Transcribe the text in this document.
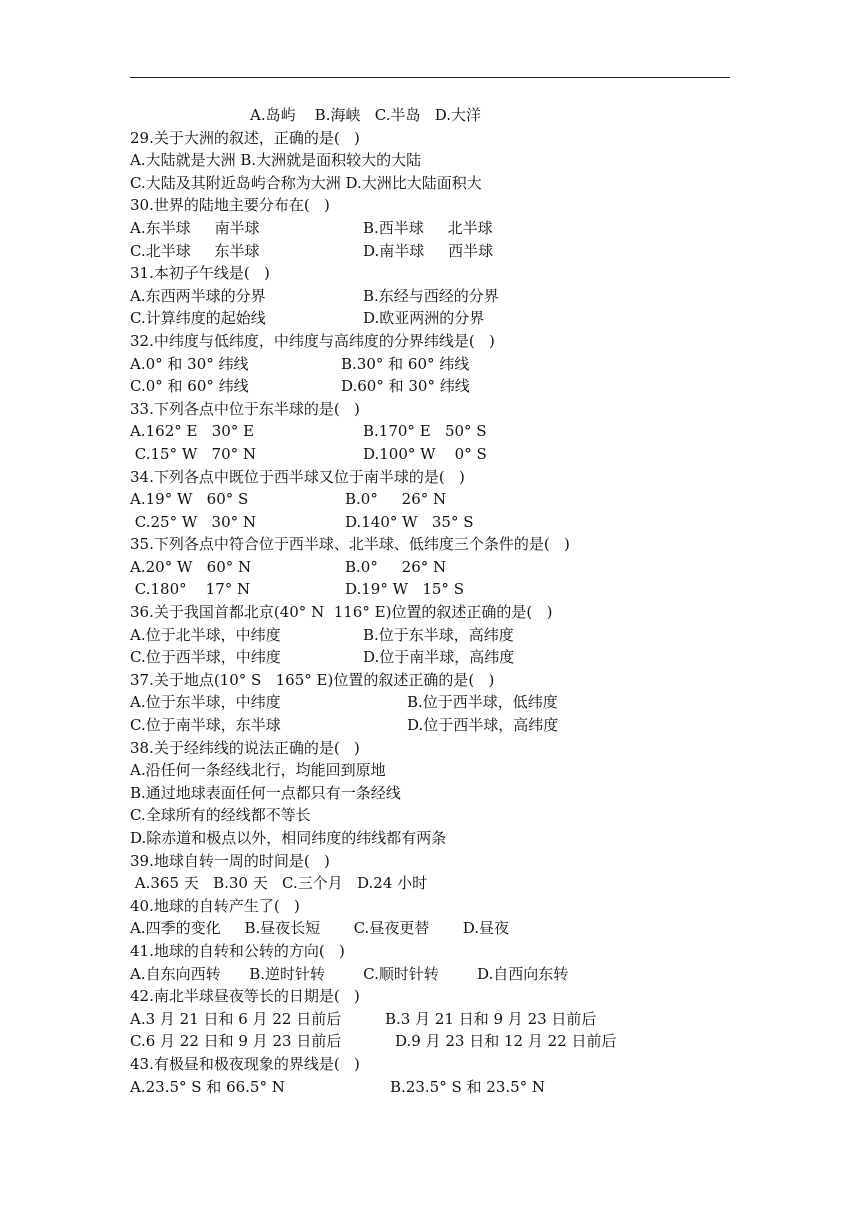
A.岛屿    B.海峡   C.半岛   D.大洋
29.关于大洲的叙述，正确的是(   )
A.大陆就是大洲 B.大洲就是面积较大的大陆
C.大陆及其附近岛屿合称为大洲 D.大洲比大陆面积大
30.世界的陆地主要分布在(   )
A.东半球     南半球	B.西半球     北半球
C.北半球     东半球	D.南半球     西半球
31.本初子午线是(   )
A.东西两半球的分界	B.东经与西经的分界
C.计算纬度的起始线	D.欧亚两洲的分界
32.中纬度与低纬度，中纬度与高纬度的分界纬线是(   )
A.0° 和 30° 纬线	B.30° 和 60° 纬线
C.0° 和 60° 纬线	D.60° 和 30° 纬线
33.下列各点中位于东半球的是(   )
A.162° E   30° E	B.170° E   50° S
C.15° W   70° N	D.100° W    0° S
34.下列各点中既位于西半球又位于南半球的是(   )
A.19° W   60° S	B.0°     26° N
C.25° W   30° N	D.140° W   35° S
35.下列各点中符合位于西半球、北半球、低纬度三个条件的是(   )
A.20° W   60° N	B.0°     26° N
C.180°    17° N	D.19° W   15° S
36.关于我国首都北京(40° N  116° E)位置的叙述正确的是(   )
A.位于北半球，中纬度	B.位于东半球，高纬度
C.位于西半球，中纬度	D.位于南半球，高纬度
37.关于地点(10° S   165° E)位置的叙述正确的是(   )
A.位于东半球，中纬度	B.位于西半球，低纬度
C.位于南半球，东半球	D.位于西半球，高纬度
38.关于经纬线的说法正确的是(   )
A.沿任何一条经线北行，均能回到原地
B.通过地球表面任何一点都只有一条经线
C.全球所有的经线都不等长
D.除赤道和极点以外，相同纬度的纬线都有两条
39.地球自转一周的时间是(   )
A.365 天   B.30 天   C.三个月   D.24 小时
40.地球的自转产生了(   )
A.四季的变化     B.昼夜长短       C.昼夜更替       D.昼夜
41.地球的自转和公转的方向(   )
A.自东向西转      B.逆时针转        C.顺时针转        D.自西向东转
42.南北半球昼夜等长的日期是(   )
A.3 月 21 日和 6 月 22 日前后	B.3 月 21 日和 9 月 23 日前后
C.6 月 22 日和 9 月 23 日前后	D.9 月 23 日和 12 月 22 日前后
43.有极昼和极夜现象的界线是(   )
A.23.5° S 和 66.5° N	B.23.5° S 和 23.5° N
